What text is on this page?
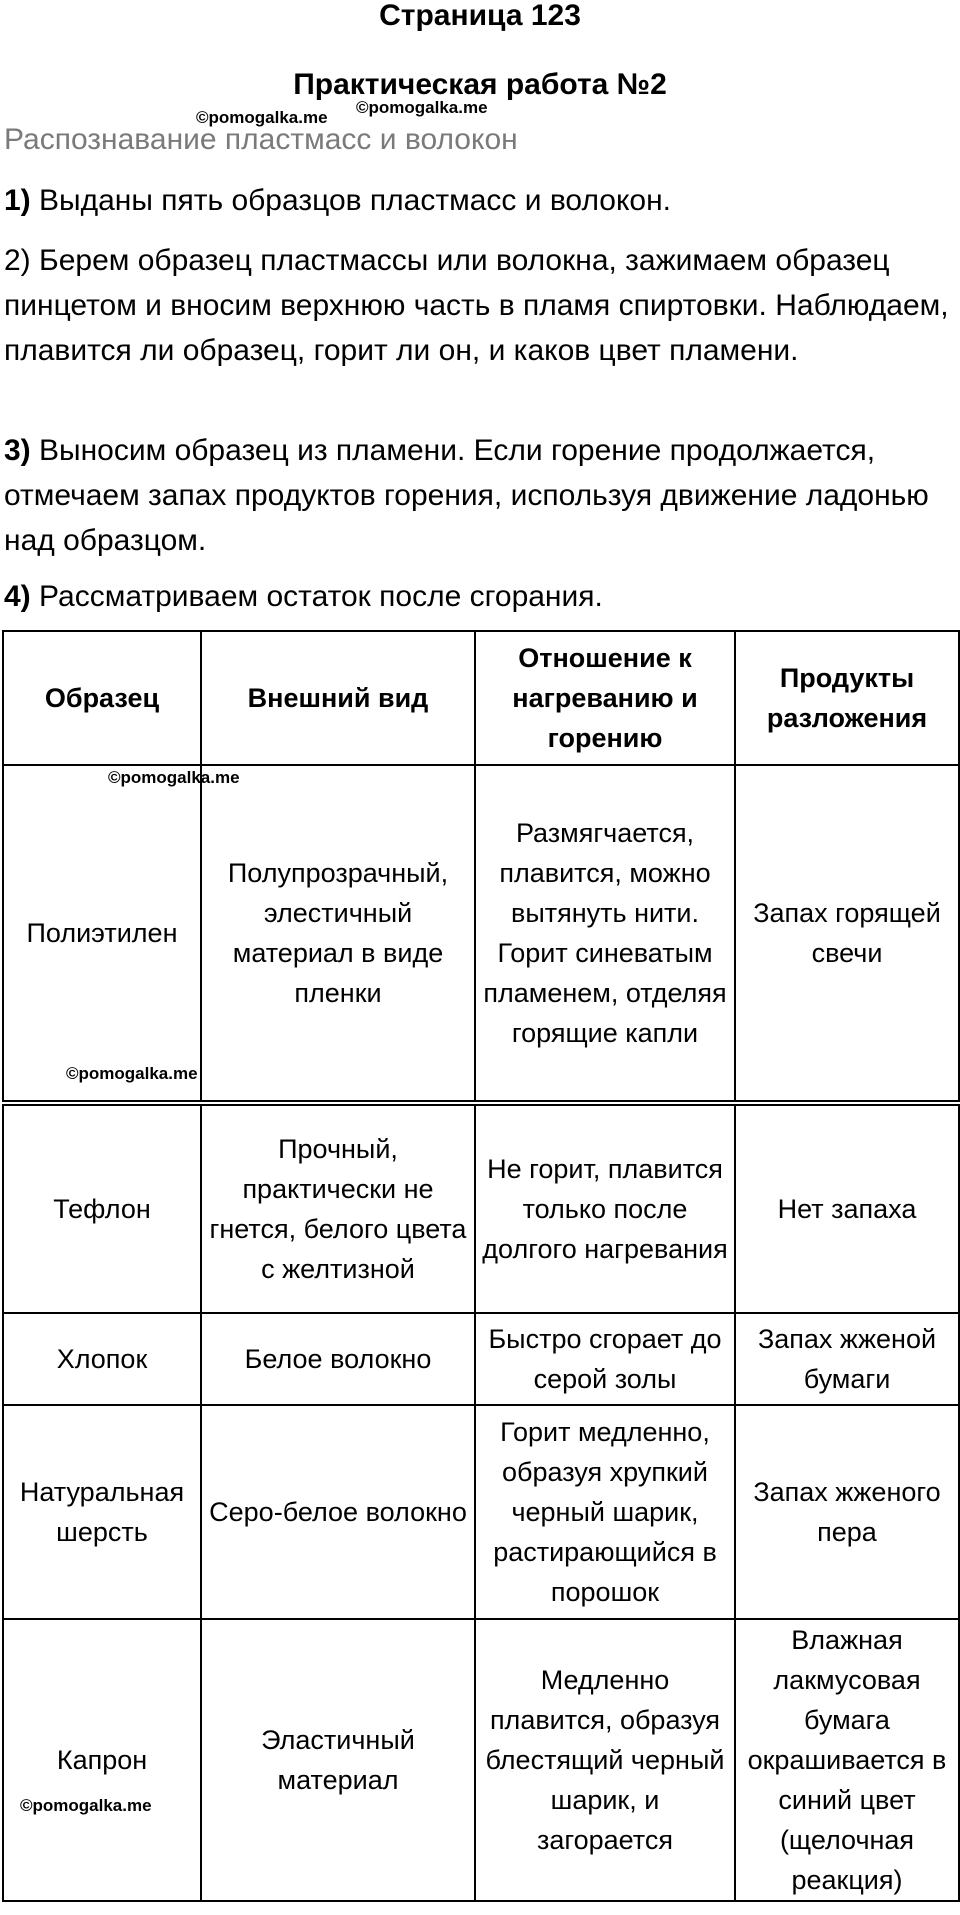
Страница 123
Практическая работа №2
©pomogalka.me
©pomogalka.me
Распознавание пластмасс и волокон
1) Выданы пять образцов пластмасс и волокон.
2) Берем образец пластмассы или волокна, зажимаем образец пинцетом и вносим верхнюю часть в пламя спиртовки. Наблюдаем, плавится ли образец, горит ли он, и каков цвет пламени.
3) Выносим образец из пламени. Если горение продолжается, отмечаем запах продуктов горения, используя движение ладонью над образцом.
4) Рассматриваем остаток после сгорания.
Образец	Внешний вид	Отношение к нагреванию и горению	Продукты разложения
Полиэтилен	Полупрозрачный, элестичный материал в виде пленки	Размягчается, плавится, можно вытянуть нити. Горит синеватым пламенем, отделяя горящие капли	Запах горящей свечи
Тефлон	Прочный, практически не гнется, белого цвета с желтизной	Не горит, плавится только после долгого нагревания	Нет запаха
Хлопок	Белое волокно	Быстро сгорает до серой золы	Запах жженой бумаги
Натуральная шерсть	Серо-белое волокно	Горит медленно, образуя хрупкий черный шарик, растирающийся в порошок	Запах жженого пера
Капрон	Эластичный материал	Медленно плавится, образуя блестящий черный шарик, и загорается	Влажная лакмусовая бумага окрашивается в синий цвет (щелочная реакция)
©pomogalka.me
©pomogalka.me
©pomogalka.me
